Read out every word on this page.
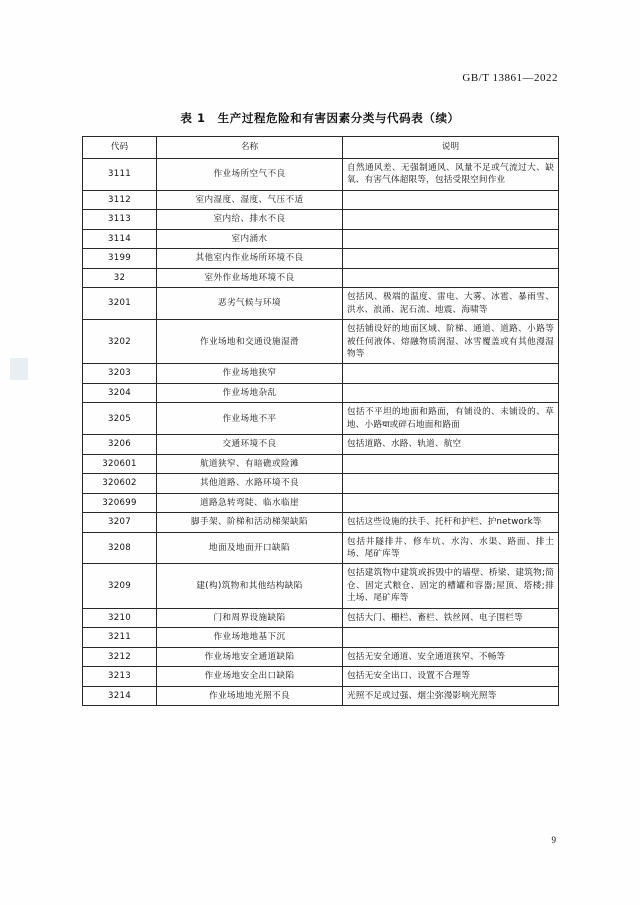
GB/T 13861—2022
表 1 生产过程危险和有害因素分类与代码表（续）
代码	名称	说明
3111	作业场所空气不良	自然通风差、无强制通风、风量不足或气流过大、缺氧、有害气体超限等，包括受限空间作业
3112	室内湿度、湿度、气压不适	
3113	室内给、排水不良	
3114	室内涌水	
3199	其他室内作业场所环境不良	
32	室外作业场地环境不良	
3201	恶劣气候与环境	包括风、极端的温度、雷电、大雾、冰雹、暴雨雪、洪水、浪涌、泥石流、地震、海啸等
3202	作业场地和交通设施湿滑	包括铺设好的地面区域、阶梯、通道、道路、小路等被任何液体、熔融物质润湿、冰雪覆盖或有其他漫湿物等
3203	作业场地狭窄	
3204	作业场地杂乱	
3205	作业场地不平	包括不平坦的地面和路面，有铺设的、未铺设的、草地、小路या或碎石地面和路面
3206	交通环境不良	包括道路、水路、轨道、航空
320601	航道狭窄、有暗礁或险滩	
320602	其他道路、水路环境不良	
320699	道路急转弯陡、临水临崖	
3207	脚手架、阶梯和活动梯架缺陷	包括这些设施的扶手、托杆和护栏、护network等
3208	地面及地面开口缺陷	包括井隧排井、修车坑、水沟、水渠、路面、排土场、尾矿库等
3209	建(构)筑物和其他结构缺陷	包括建筑物中建筑或拆毁中的墙壁、桥梁、建筑物;简仓、固定式粮仓、固定的槽罐和容器;屋顶、塔楼;排土场、尾矿库等
3210	门和周界设施缺陷	包括大门、栅栏、畜栏、铁丝网、电子围栏等
3211	作业场地地基下沉	
3212	作业场地安全通道缺陷	包括无安全通道、安全通道狭窄、不畅等
3213	作业场地安全出口缺陷	包括无安全出口、设置不合理等
3214	作业场地地光照不良	光照不足或过强、烟尘弥漫影响光照等
9
